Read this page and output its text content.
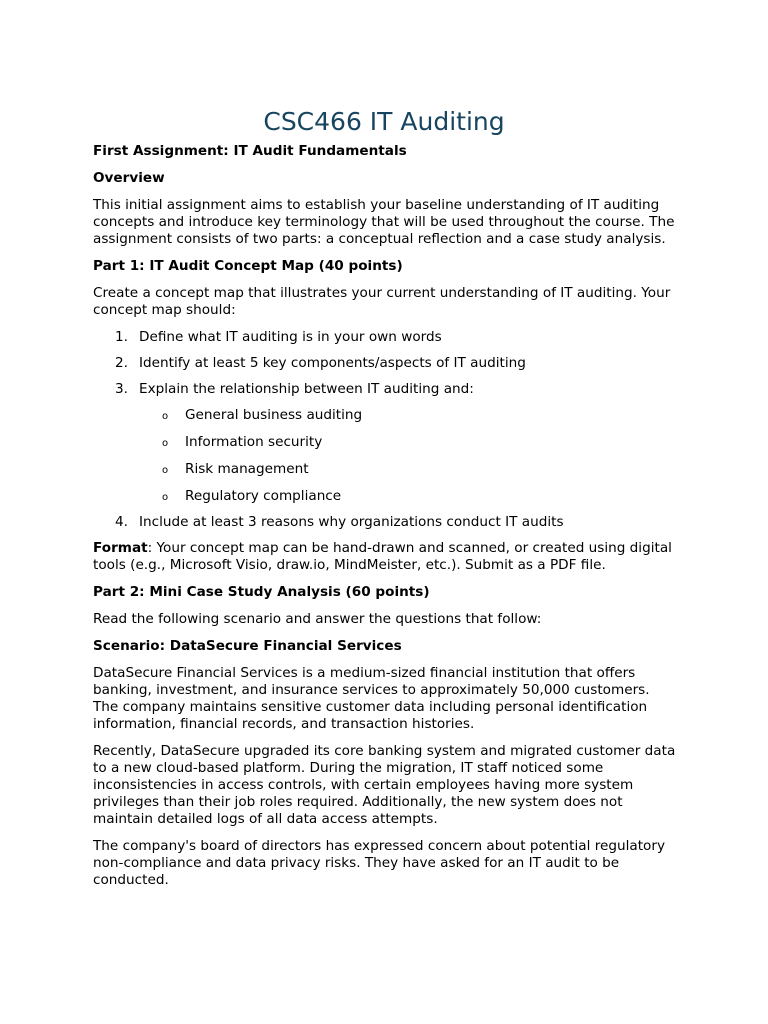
CSC466 IT Auditing

First Assignment: IT Audit Fundamentals

Overview

This initial assignment aims to establish your baseline understanding of IT auditing concepts and introduce key terminology that will be used throughout the course. The assignment consists of two parts: a conceptual reflection and a case study analysis.

Part 1: IT Audit Concept Map (40 points)

Create a concept map that illustrates your current understanding of IT auditing. Your concept map should:

1. Define what IT auditing is in your own words
2. Identify at least 5 key components/aspects of IT auditing
3. Explain the relationship between IT auditing and:
o General business auditing
o Information security
o Risk management
o Regulatory compliance
4. Include at least 3 reasons why organizations conduct IT audits

Format: Your concept map can be hand-drawn and scanned, or created using digital tools (e.g., Microsoft Visio, draw.io, MindMeister, etc.). Submit as a PDF file.

Part 2: Mini Case Study Analysis (60 points)

Read the following scenario and answer the questions that follow:

Scenario: DataSecure Financial Services

DataSecure Financial Services is a medium-sized financial institution that offers banking, investment, and insurance services to approximately 50,000 customers. The company maintains sensitive customer data including personal identification information, financial records, and transaction histories.

Recently, DataSecure upgraded its core banking system and migrated customer data to a new cloud-based platform. During the migration, IT staff noticed some inconsistencies in access controls, with certain employees having more system privileges than their job roles required. Additionally, the new system does not maintain detailed logs of all data access attempts.

The company's board of directors has expressed concern about potential regulatory non-compliance and data privacy risks. They have asked for an IT audit to be conducted.
